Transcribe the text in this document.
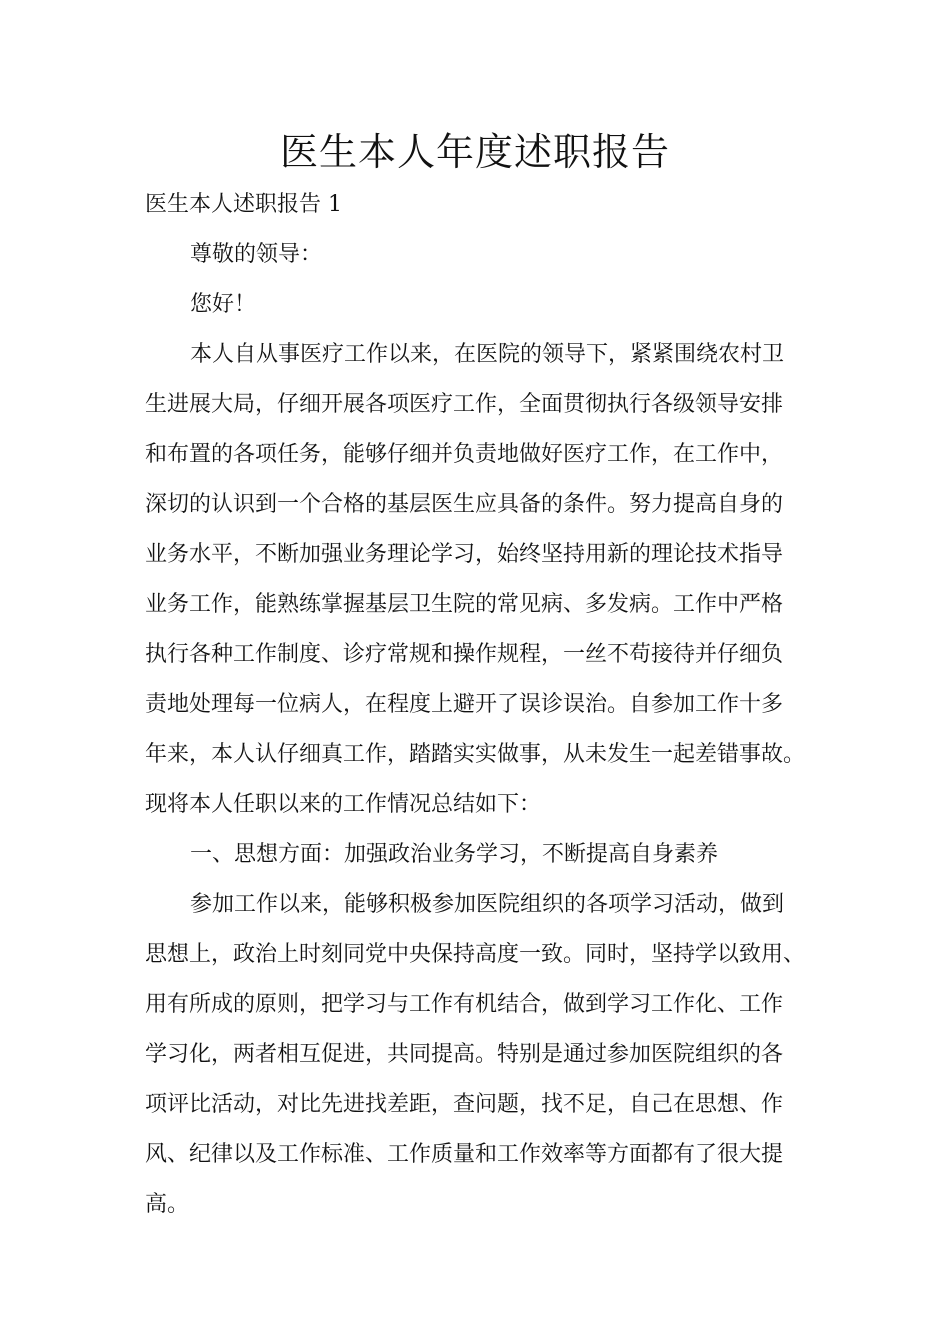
医生本人年度述职报告
医生本人述职报告 1
尊敬的领导：
您好！
本人自从事医疗工作以来，在医院的领导下，紧紧围绕农村卫
生进展大局，仔细开展各项医疗工作，全面贯彻执行各级领导安排
和布置的各项任务，能够仔细并负责地做好医疗工作，在工作中，
深切的认识到一个合格的基层医生应具备的条件。努力提高自身的
业务水平，不断加强业务理论学习，始终坚持用新的理论技术指导
业务工作，能熟练掌握基层卫生院的常见病、多发病。工作中严格
执行各种工作制度、诊疗常规和操作规程，一丝不苟接待并仔细负
责地处理每一位病人，在程度上避开了误诊误治。自参加工作十多
年来，本人认仔细真工作，踏踏实实做事，从未发生一起差错事故。
现将本人任职以来的工作情况总结如下：
一、思想方面：加强政治业务学习，不断提高自身素养
参加工作以来，能够积极参加医院组织的各项学习活动，做到
思想上，政治上时刻同党中央保持高度一致。同时，坚持学以致用、
用有所成的原则，把学习与工作有机结合，做到学习工作化、工作
学习化，两者相互促进，共同提高。特别是通过参加医院组织的各
项评比活动，对比先进找差距，查问题，找不足，自己在思想、作
风、纪律以及工作标准、工作质量和工作效率等方面都有了很大提
高。
